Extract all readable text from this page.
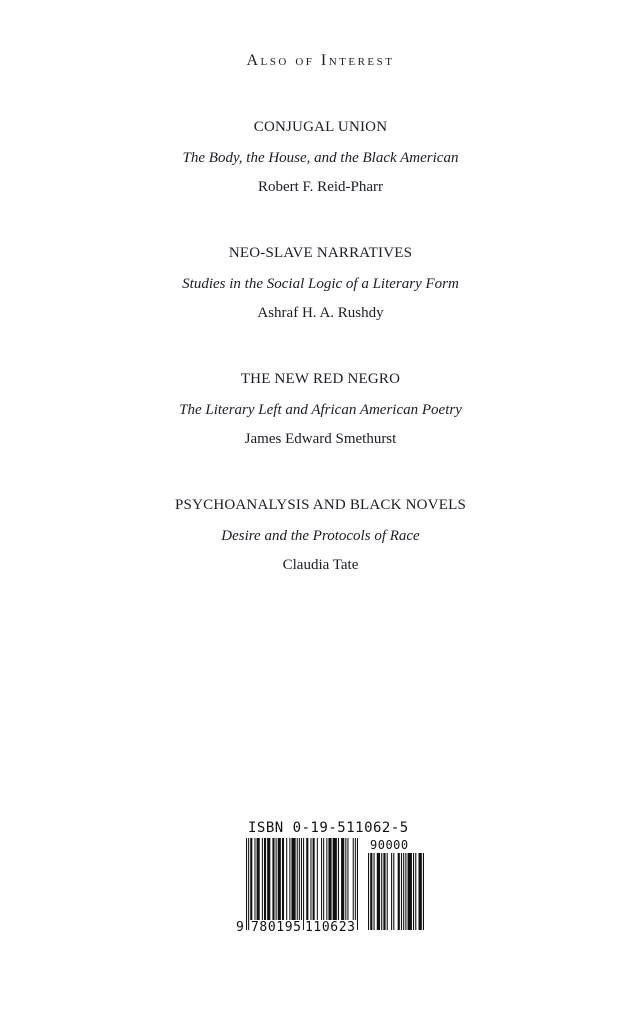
Also of Interest
CONJUGAL UNION
The Body, the House, and the Black American
Robert F. Reid-Pharr
NEO-SLAVE NARRATIVES
Studies in the Social Logic of a Literary Form
Ashraf H. A. Rushdy
THE NEW RED NEGRO
The Literary Left and African American Poetry
James Edward Smethurst
PSYCHOANALYSIS AND BLACK NOVELS
Desire and the Protocols of Race
Claudia Tate
ISBN 0-19-511062-5
90000
9 780195 110623
